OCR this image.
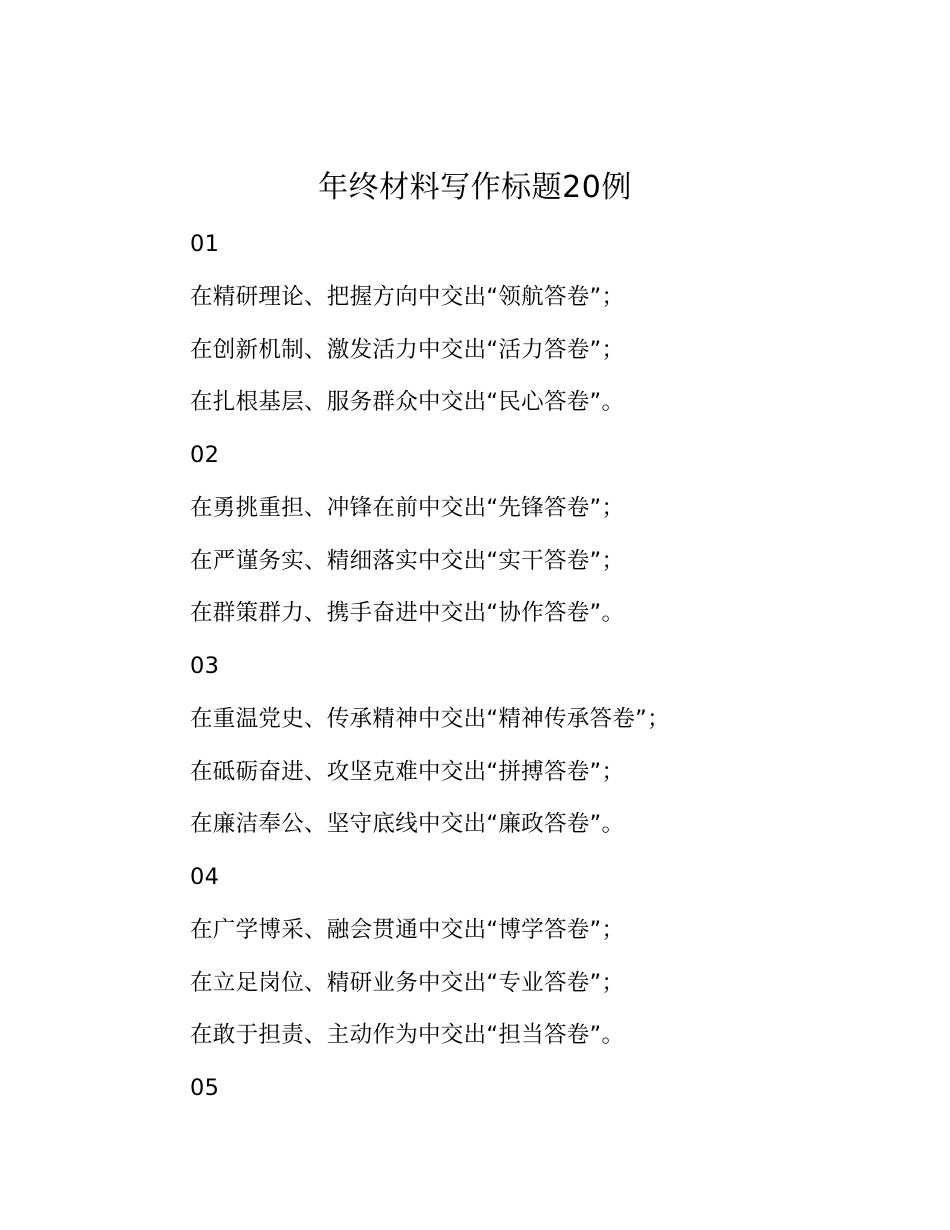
年终材料写作标题20例
01
在精研理论、把握方向中交出“领航答卷”；
在创新机制、激发活力中交出“活力答卷”；
在扎根基层、服务群众中交出“民心答卷”。
02
在勇挑重担、冲锋在前中交出“先锋答卷”；
在严谨务实、精细落实中交出“实干答卷”；
在群策群力、携手奋进中交出“协作答卷”。
03
在重温党史、传承精神中交出“精神传承答卷”；
在砥砺奋进、攻坚克难中交出“拼搏答卷”；
在廉洁奉公、坚守底线中交出“廉政答卷”。
04
在广学博采、融会贯通中交出“博学答卷”；
在立足岗位、精研业务中交出“专业答卷”；
在敢于担责、主动作为中交出“担当答卷”。
05
